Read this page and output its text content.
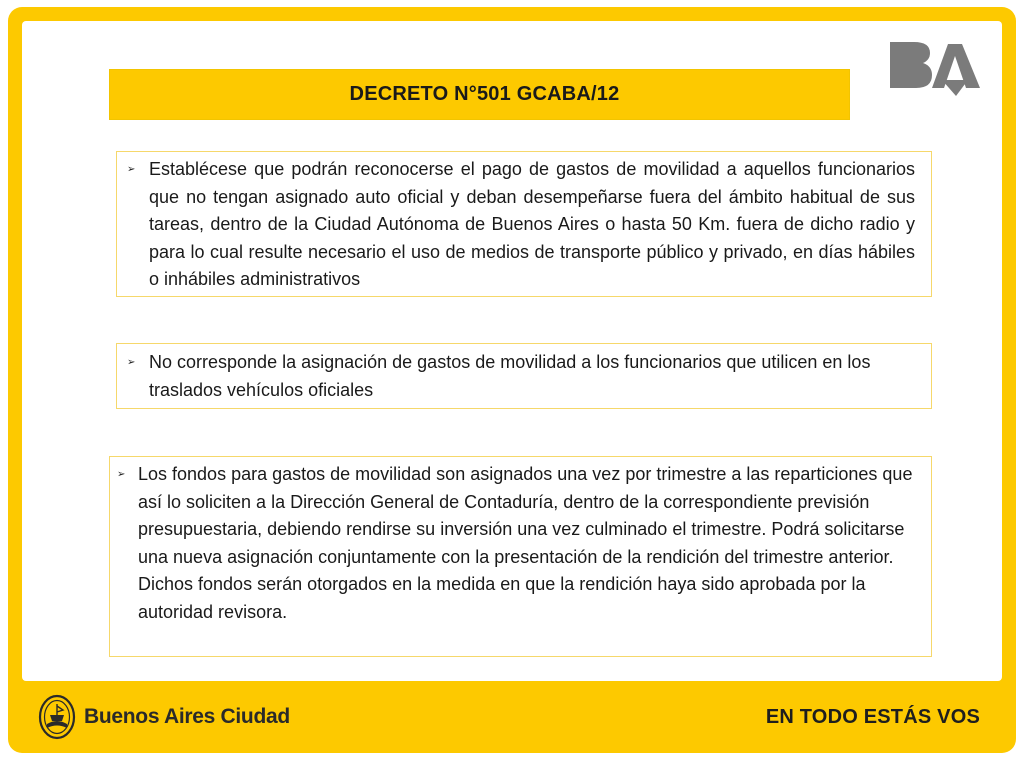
DECRETO N°501 GCABA/12
➢ Establécese que podrán reconocerse el pago de gastos de movilidad a aquellos funcionarios que no tengan asignado auto oficial y deban desempeñarse fuera del ámbito habitual de sus tareas, dentro de la Ciudad Autónoma de Buenos Aires o hasta 50 Km. fuera de dicho radio y para lo cual resulte necesario el uso de medios de transporte público y privado, en días hábiles o inhábiles administrativos
➢ No corresponde la asignación de gastos de movilidad a los funcionarios que utilicen en los traslados vehículos oficiales
➢ Los fondos para gastos de movilidad son asignados una vez por trimestre a las reparticiones que así lo soliciten a la Dirección General de Contaduría, dentro de la correspondiente previsión presupuestaria, debiendo rendirse su inversión una vez culminado el trimestre. Podrá solicitarse una nueva asignación conjuntamente con la presentación de la rendición del trimestre anterior. Dichos fondos serán otorgados en la medida en que la rendición haya sido aprobada por la autoridad revisora.
Buenos Aires Ciudad	EN TODO ESTÁS VOS
